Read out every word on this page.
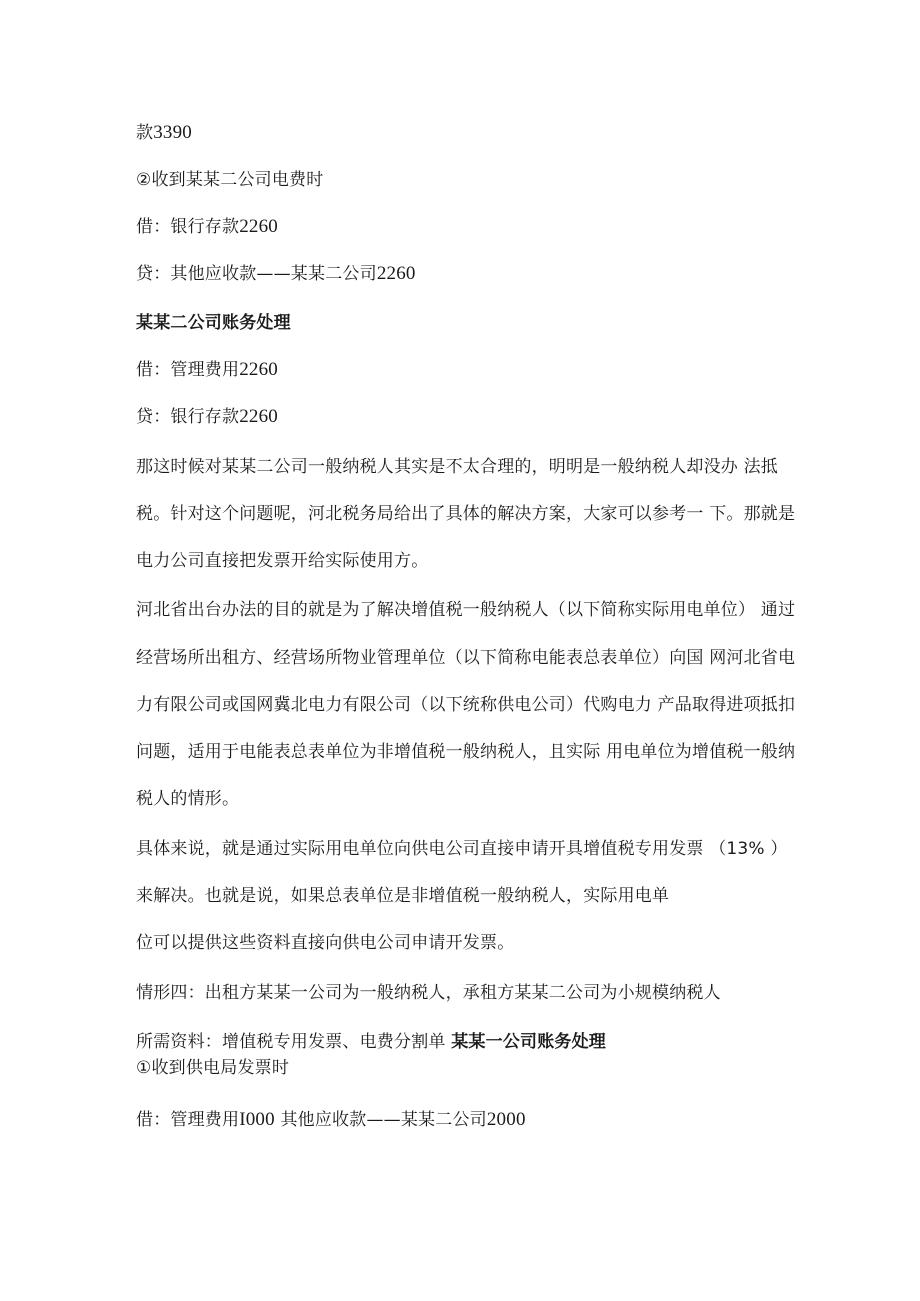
款3390
②收到某某二公司电费时
借：银行存款2260
贷：其他应收款——某某二公司2260
某某二公司账务处理
借：管理费用2260
贷：银行存款2260
那这时候对某某二公司一般纳税人其实是不太合理的，明明是一般纳税人却没办 法抵
税。针对这个问题呢，河北税务局给出了具体的解决方案，大家可以参考一 下。那就是
电力公司直接把发票开给实际使用方。
河北省出台办法的目的就是为了解决增值税一般纳税人（以下简称实际用电单位） 通过
经营场所出租方、经营场所物业管理单位（以下简称电能表总表单位）向国 网河北省电
力有限公司或国网冀北电力有限公司（以下统称供电公司）代购电力 产品取得进项抵扣
问题，适用于电能表总表单位为非增值税一般纳税人，且实际 用电单位为增值税一般纳
税人的情形。
具体来说，就是通过实际用电单位向供电公司直接申请开具增值税专用发票 （13% ）
来解决。也就是说，如果总表单位是非增值税一般纳税人，实际用电单
位可以提供这些资料直接向供电公司申请开发票。
情形四：出租方某某一公司为一般纳税人，承租方某某二公司为小规模纳税人
所需资料：增值税专用发票、电费分割单 某某一公司账务处理
①收到供电局发票时
借：管理费用I000 其他应收款——某某二公司2000
